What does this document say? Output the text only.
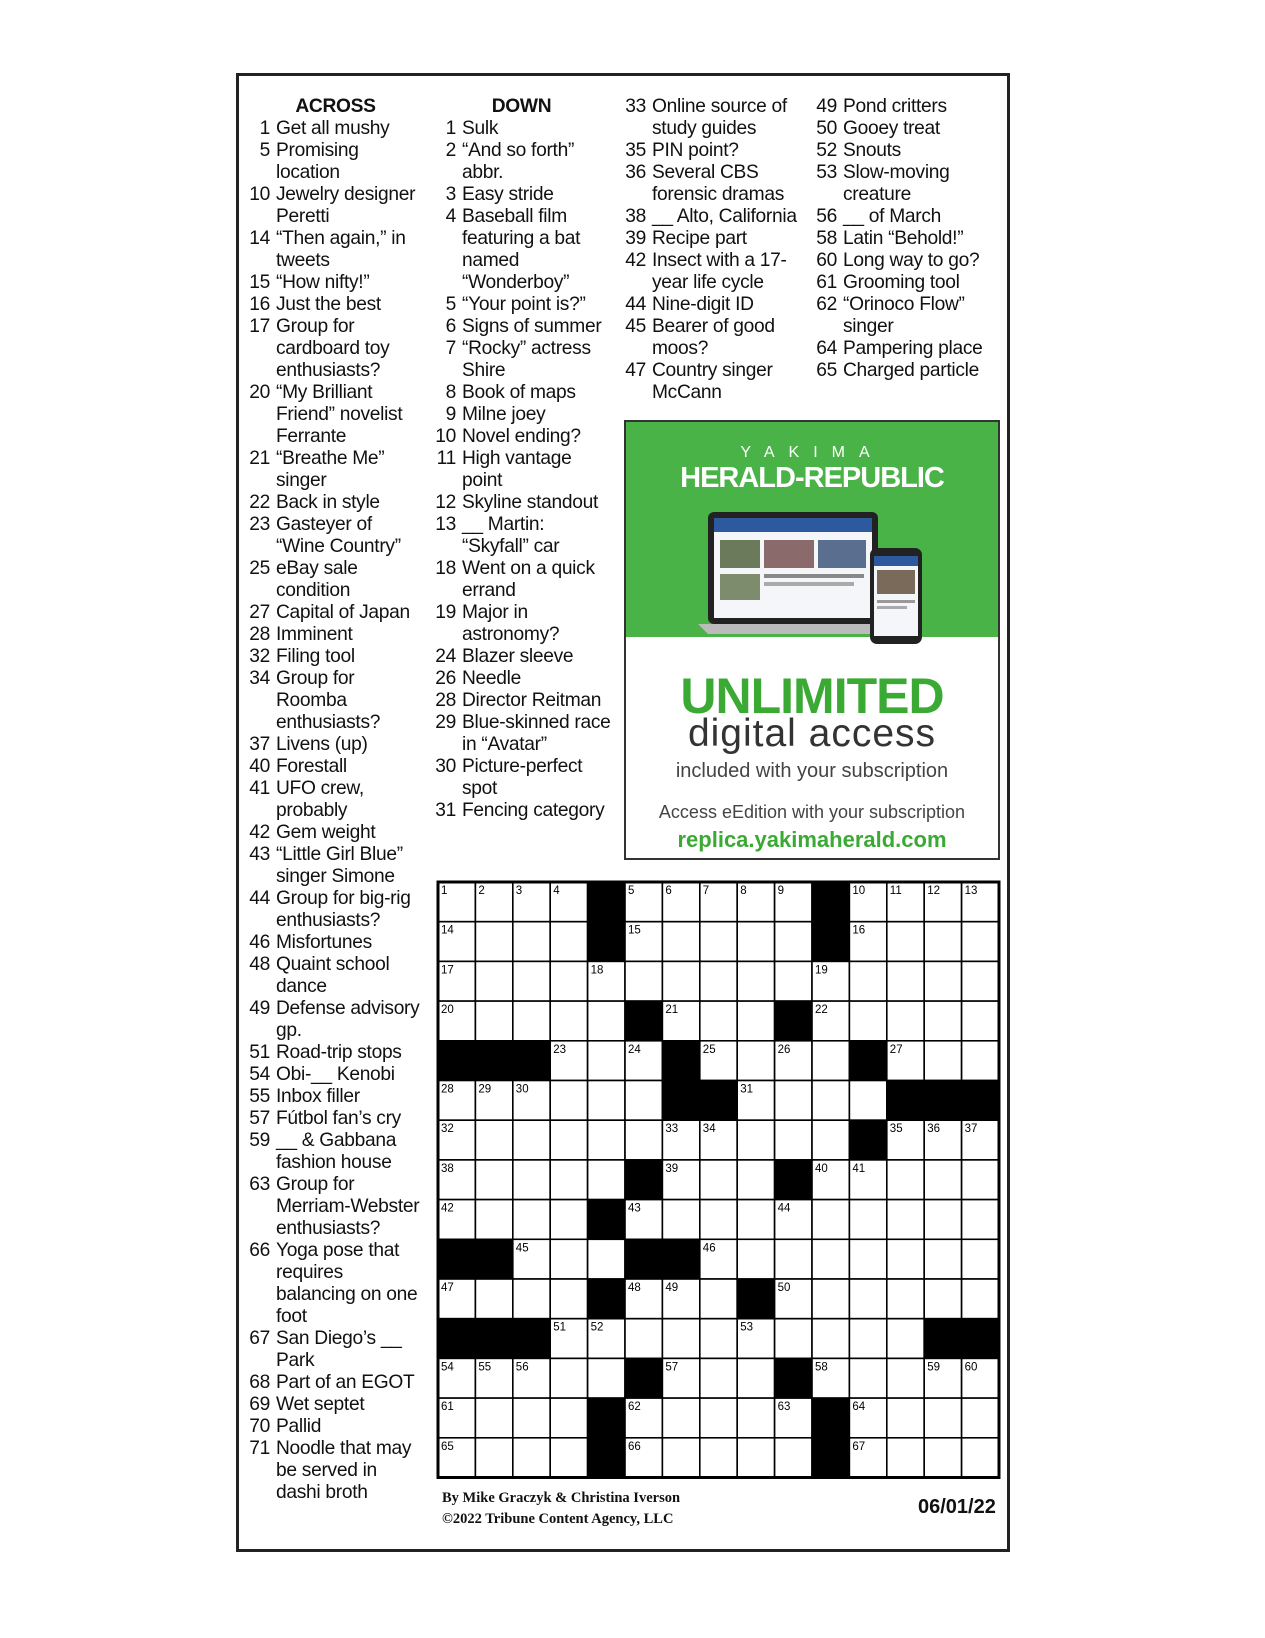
ACROSS
1 Get all mushy
5 Promising location
10 Jewelry designer Peretti
14 “Then again,” in tweets
15 “How nifty!”
16 Just the best
17 Group for cardboard toy enthusiasts?
20 “My Brilliant Friend” novelist Ferrante
21 “Breathe Me” singer
22 Back in style
23 Gasteyer of “Wine Country”
25 eBay sale condition
27 Capital of Japan
28 Imminent
32 Filing tool
34 Group for Roomba enthusiasts?
37 Livens (up)
40 Forestall
41 UFO crew, probably
42 Gem weight
43 “Little Girl Blue” singer Simone
44 Group for big-rig enthusiasts?
46 Misfortunes
48 Quaint school dance
49 Defense advisory gp.
51 Road-trip stops
54 Obi-__ Kenobi
55 Inbox filler
57 Fútbol fan’s cry
59 __ & Gabbana fashion house
63 Group for Merriam-Webster enthusiasts?
66 Yoga pose that requires balancing on one foot
67 San Diego’s __ Park
68 Part of an EGOT
69 Wet septet
70 Pallid
71 Noodle that may be served in dashi broth
DOWN
1 Sulk
2 “And so forth” abbr.
3 Easy stride
4 Baseball film featuring a bat named “Wonderboy”
5 “Your point is?”
6 Signs of summer
7 “Rocky” actress Shire
8 Book of maps
9 Milne joey
10 Novel ending?
11 High vantage point
12 Skyline standout
13 __ Martin: “Skyfall” car
18 Went on a quick errand
19 Major in astronomy?
24 Blazer sleeve
26 Needle
28 Director Reitman
29 Blue-skinned race in “Avatar”
30 Picture-perfect spot
31 Fencing category
33 Online source of study guides
35 PIN point?
36 Several CBS forensic dramas
38 __ Alto, California
39 Recipe part
42 Insect with a 17-year life cycle
44 Nine-digit ID
45 Bearer of good moos?
47 Country singer McCann
49 Pond critters
50 Gooey treat
52 Snouts
53 Slow-moving creature
56 __ of March
58 Latin “Behold!”
60 Long way to go?
61 Grooming tool
62 “Orinoco Flow” singer
64 Pampering place
65 Charged particle
YAKIMA
HERALD-REPUBLIC
UNLIMITED
digital access
included with your subscription
Access eEdition with your subscription
replica.yakimaherald.com
1	2	3	4	5	6	7	8	9	10 11 12 13
14	15	16
17	18	19
20	21	22
23	24	25	26	27
28 29 30	31
32	33 34	35 36 37
38	39	40 41
42	43	44
45	46
47	48 49	50
51 52	53
54 55 56	57	58	59 60
61	62	63	64
65	66	67
By Mike Graczyk & Christina Iverson
©2022 Tribune Content Agency, LLC
06/01/22
